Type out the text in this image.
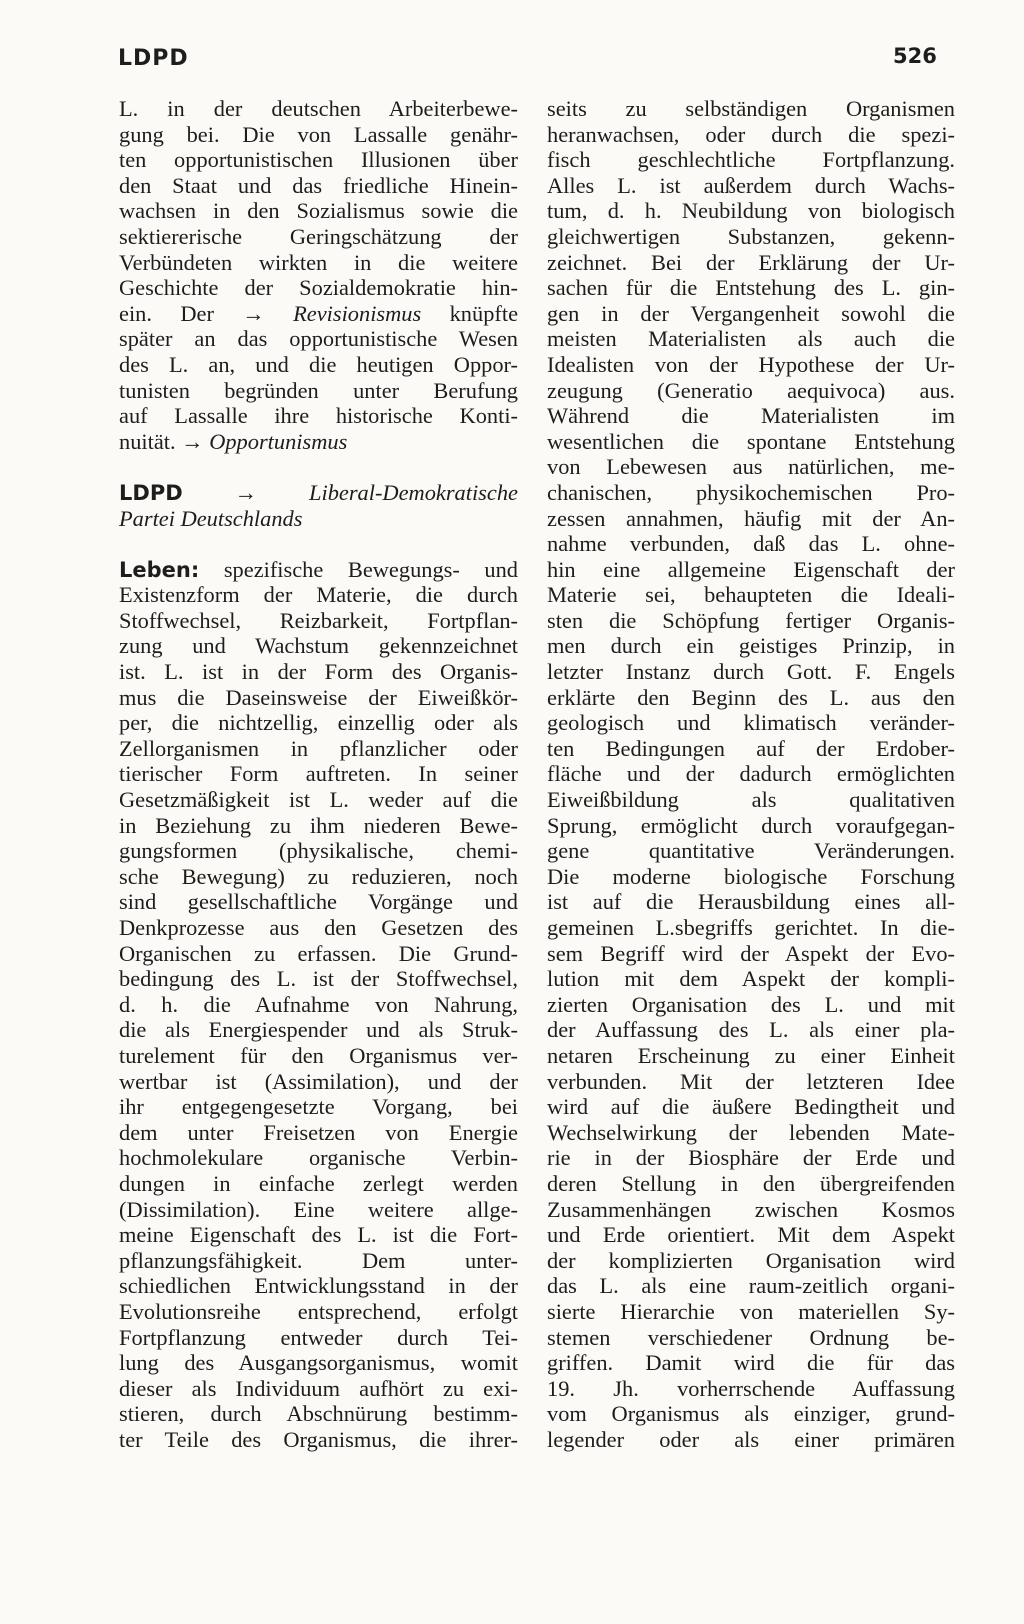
LDPD	526
L. in der deutschen Arbeiterbewe-
gung bei. Die von Lassalle genähr-
ten opportunistischen Illusionen über
den Staat und das friedliche Hinein-
wachsen in den Sozialismus sowie die
sektiererische Geringschätzung der
Verbündeten wirkten in die weitere
Geschichte der Sozialdemokratie hin-
ein. Der → Revisionismus knüpfte
später an das opportunistische Wesen
des L. an, und die heutigen Oppor-
tunisten begründen unter Berufung
auf Lassalle ihre historische Konti-
nuität. → Opportunismus
LDPD → Liberal-Demokratische
Partei Deutschlands
Leben: spezifische Bewegungs- und
Existenzform der Materie, die durch
Stoffwechsel, Reizbarkeit, Fortpflan-
zung und Wachstum gekennzeichnet
ist. L. ist in der Form des Organis-
mus die Daseinsweise der Eiweißkör-
per, die nichtzellig, einzellig oder als
Zellorganismen in pflanzlicher oder
tierischer Form auftreten. In seiner
Gesetzmäßigkeit ist L. weder auf die
in Beziehung zu ihm niederen Bewe-
gungsformen (physikalische, chemi-
sche Bewegung) zu reduzieren, noch
sind gesellschaftliche Vorgänge und
Denkprozesse aus den Gesetzen des
Organischen zu erfassen. Die Grund-
bedingung des L. ist der Stoffwechsel,
d. h. die Aufnahme von Nahrung,
die als Energiespender und als Struk-
turelement für den Organismus ver-
wertbar ist (Assimilation), und der
ihr entgegengesetzte Vorgang, bei
dem unter Freisetzen von Energie
hochmolekulare organische Verbin-
dungen in einfache zerlegt werden
(Dissimilation). Eine weitere allge-
meine Eigenschaft des L. ist die Fort-
pflanzungsfähigkeit. Dem unter-
schiedlichen Entwicklungsstand in der
Evolutionsreihe entsprechend, erfolgt
Fortpflanzung entweder durch Tei-
lung des Ausgangsorganismus, womit
dieser als Individuum aufhört zu exi-
stieren, durch Abschnürung bestimm-
ter Teile des Organismus, die ihrer-
seits zu selbständigen Organismen
heranwachsen, oder durch die spezi-
fisch geschlechtliche Fortpflanzung.
Alles L. ist außerdem durch Wachs-
tum, d. h. Neubildung von biologisch
gleichwertigen Substanzen, gekenn-
zeichnet. Bei der Erklärung der Ur-
sachen für die Entstehung des L. gin-
gen in der Vergangenheit sowohl die
meisten Materialisten als auch die
Idealisten von der Hypothese der Ur-
zeugung (Generatio aequivoca) aus.
Während die Materialisten im
wesentlichen die spontane Entstehung
von Lebewesen aus natürlichen, me-
chanischen, physikochemischen Pro-
zessen annahmen, häufig mit der An-
nahme verbunden, daß das L. ohne-
hin eine allgemeine Eigenschaft der
Materie sei, behaupteten die Ideali-
sten die Schöpfung fertiger Organis-
men durch ein geistiges Prinzip, in
letzter Instanz durch Gott. F. Engels
erklärte den Beginn des L. aus den
geologisch und klimatisch veränder-
ten Bedingungen auf der Erdober-
fläche und der dadurch ermöglichten
Eiweißbildung als qualitativen
Sprung, ermöglicht durch voraufgegan-
gene quantitative Veränderungen.
Die moderne biologische Forschung
ist auf die Herausbildung eines all-
gemeinen L.sbegriffs gerichtet. In die-
sem Begriff wird der Aspekt der Evo-
lution mit dem Aspekt der kompli-
zierten Organisation des L. und mit
der Auffassung des L. als einer pla-
netaren Erscheinung zu einer Einheit
verbunden. Mit der letzteren Idee
wird auf die äußere Bedingtheit und
Wechselwirkung der lebenden Mate-
rie in der Biosphäre der Erde und
deren Stellung in den übergreifenden
Zusammenhängen zwischen Kosmos
und Erde orientiert. Mit dem Aspekt
der komplizierten Organisation wird
das L. als eine raum-zeitlich organi-
sierte Hierarchie von materiellen Sy-
stemen verschiedener Ordnung be-
griffen. Damit wird die für das
19. Jh. vorherrschende Auffassung
vom Organismus als einziger, grund-
legender oder als einer primären
